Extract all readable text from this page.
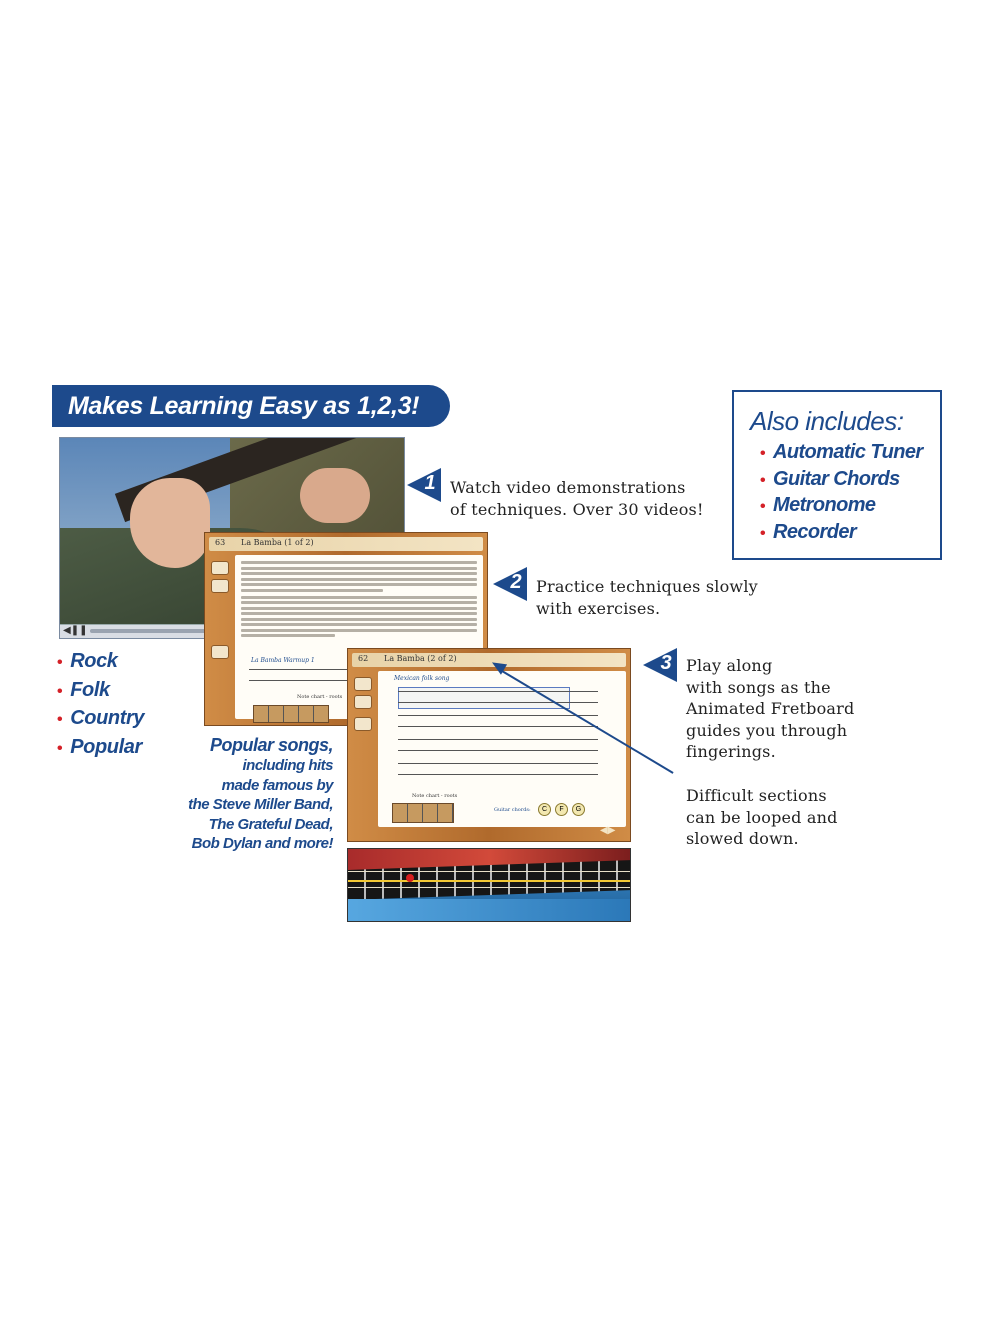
Makes Learning Easy as 1,2,3!
◀❚❚
63 La Bamba (1 of 2)
La Bamba Warmup 1
Note chart - roots
62 La Bamba (2 of 2)
Mexican folk song
Note chart - roots
Guitar chords:	C	F	G
◀▶
1 Watch video demonstrations
of techniques. Over 30 videos!
2 Practice techniques slowly
with exercises.
3 Play along
with songs as the
Animated Fretboard
guides you through
fingerings.
Difficult sections
can be looped and
slowed down.
Also includes:
• Automatic Tuner
• Guitar Chords
• Metronome
• Recorder
• Rock
• Folk
• Country
• Popular	Popular songs,
including hits
made famous by
the Steve Miller Band,
The Grateful Dead,
Bob Dylan and more!
